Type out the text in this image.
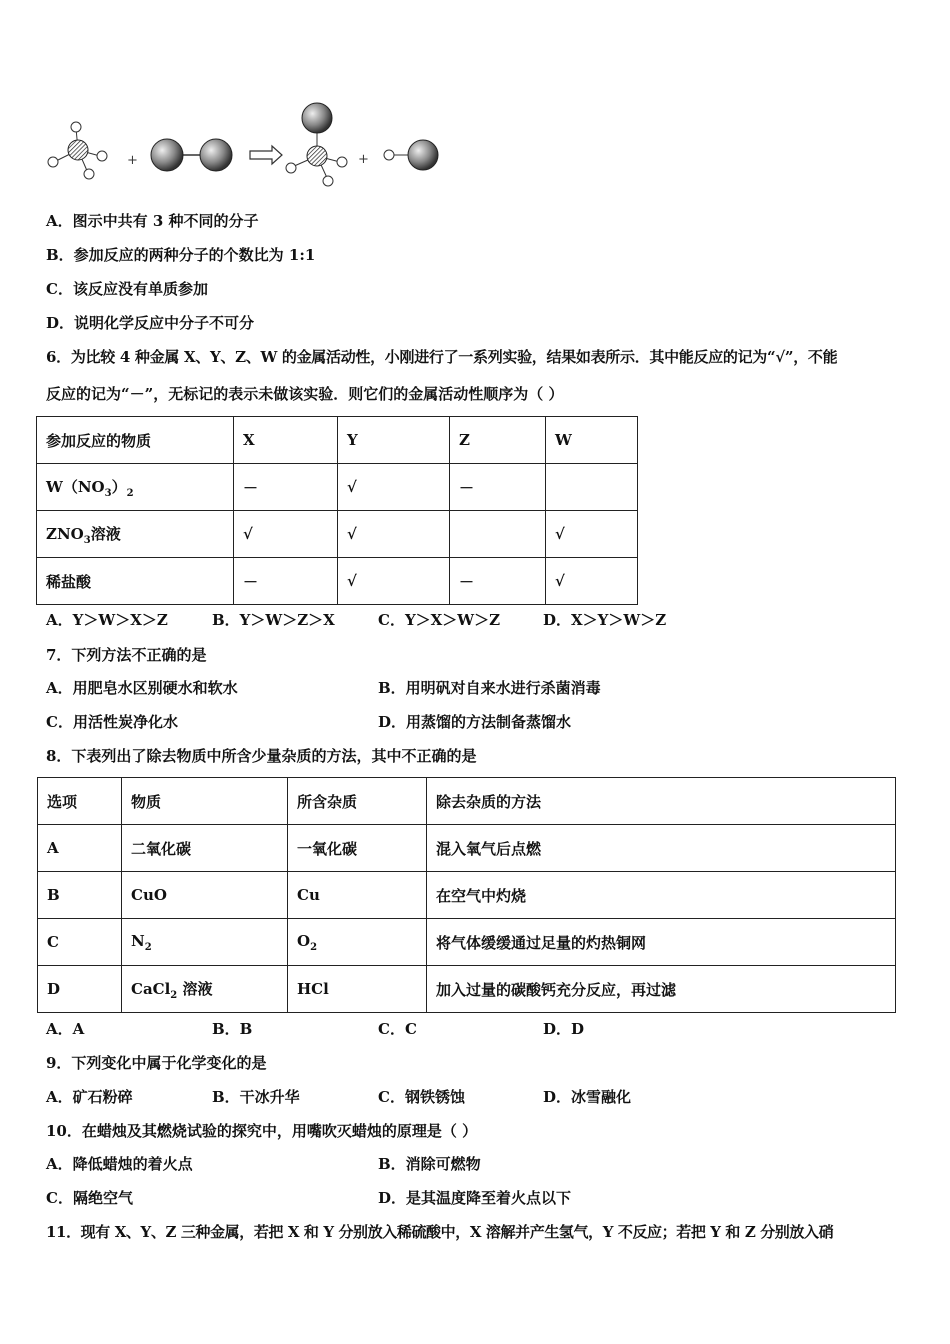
+	+
A．图示中共有 3 种不同的分子
B．参加反应的两种分子的个数比为 1:1
C．该反应没有单质参加
D．说明化学反应中分子不可分
6．为比较 4 种金属 X、Y、Z、W 的金属活动性，小刚进行了一系列实验，结果如表所示．其中能反应的记为“√”，不能
反应的记为“－”，无标记的表示未做该实验．则它们的金属活动性顺序为（ ）
参加反应的物质	X	Y	Z	W
$W(NO_3)_2$	－	√	－	
$ZNO_3$溶液	√	√		√
稀盐酸	－	√	－	√
A．Y＞W＞X＞Z	B．Y＞W＞Z＞X	C．Y＞X＞W＞Z	D．X＞Y＞W＞Z
7．下列方法不正确的是
A．用肥皂水区别硬水和软水	B．用明矾对自来水进行杀菌消毒
C．用活性炭净化水	D．用蒸馏的方法制备蒸馏水
8．下表列出了除去物质中所含少量杂质的方法，其中不正确的是
选项	物质	所含杂质	除去杂质的方法
A	二氧化碳	一氧化碳	混入氧气后点燃
B	CuO	Cu	在空气中灼烧
C	$N_2$	$O_2$	将气体缓缓通过足量的灼热铜网
D	CaCl$_2$ 溶液	HCl	加入过量的碳酸钙充分反应，再过滤
A．A	B．B	C．C	D．D
9．下列变化中属于化学变化的是
A．矿石粉碎	B．干冰升华	C．钢铁锈蚀	D．冰雪融化
10．在蜡烛及其燃烧试验的探究中，用嘴吹灭蜡烛的原理是（ ）
A．降低蜡烛的着火点	B．消除可燃物
C．隔绝空气	D．是其温度降至着火点以下
11．现有 X、Y、Z 三种金属，若把 X 和 Y 分别放入稀硫酸中，X 溶解并产生氢气，Y 不反应；若把 Y 和 Z 分别放入硝
